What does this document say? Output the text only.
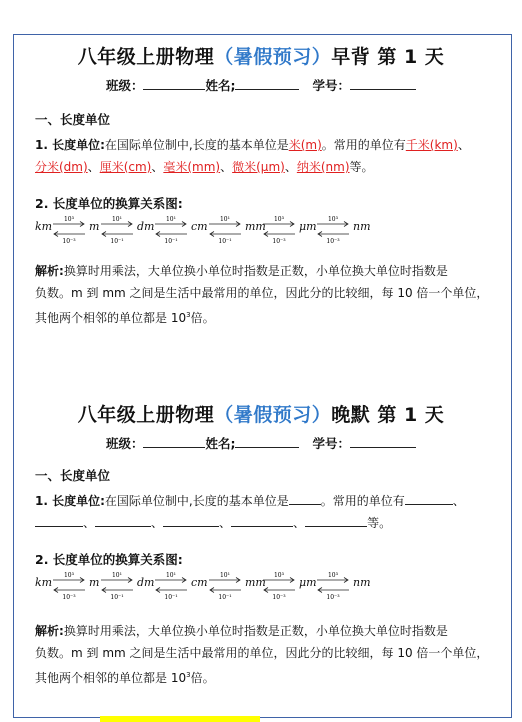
八年级上册物理（暑假预习）早背 第 1 天
班级：	姓名;	学号：
一、长度单位
1. 长度单位:在国际单位制中,长度的基本单位是米(m)。常用的单位有千米(km)、
分米(dm)、厘米(cm)、毫米(mm)、微米(μm)、纳米(nm)等。
2. 长度单位的换算关系图:
km
10³
10⁻³
m
10¹
10⁻¹
dm
10¹
10⁻¹
cm
10¹
10⁻¹
mm
10³
10⁻³
μm
10³
10⁻³
nm
解析:换算时用乘法，大单位换小单位时指数是正数，小单位换大单位时指数是
负数。m 到 mm 之间是生活中最常用的单位，因此分的比较细，每 10 倍一个单位，
其他两个相邻的单位都是 $10^3$倍。
八年级上册物理（暑假预习）晚默 第 1 天
班级：	姓名;	学号：
一、长度单位
1. 长度单位:在国际单位制中,长度的基本单位是	。常用的单位有	、
、	、	、	、	等。
2. 长度单位的换算关系图:
km
10³
10⁻³
m
10¹
10⁻¹
dm
10¹
10⁻¹
cm
10¹
10⁻¹
mm
10³
10⁻³
μm
10³
10⁻³
nm
解析:换算时用乘法，大单位换小单位时指数是正数，小单位换大单位时指数是
负数。m 到 mm 之间是生活中最常用的单位，因此分的比较细，每 10 倍一个单位，
其他两个相邻的单位都是 $10^3$倍。
